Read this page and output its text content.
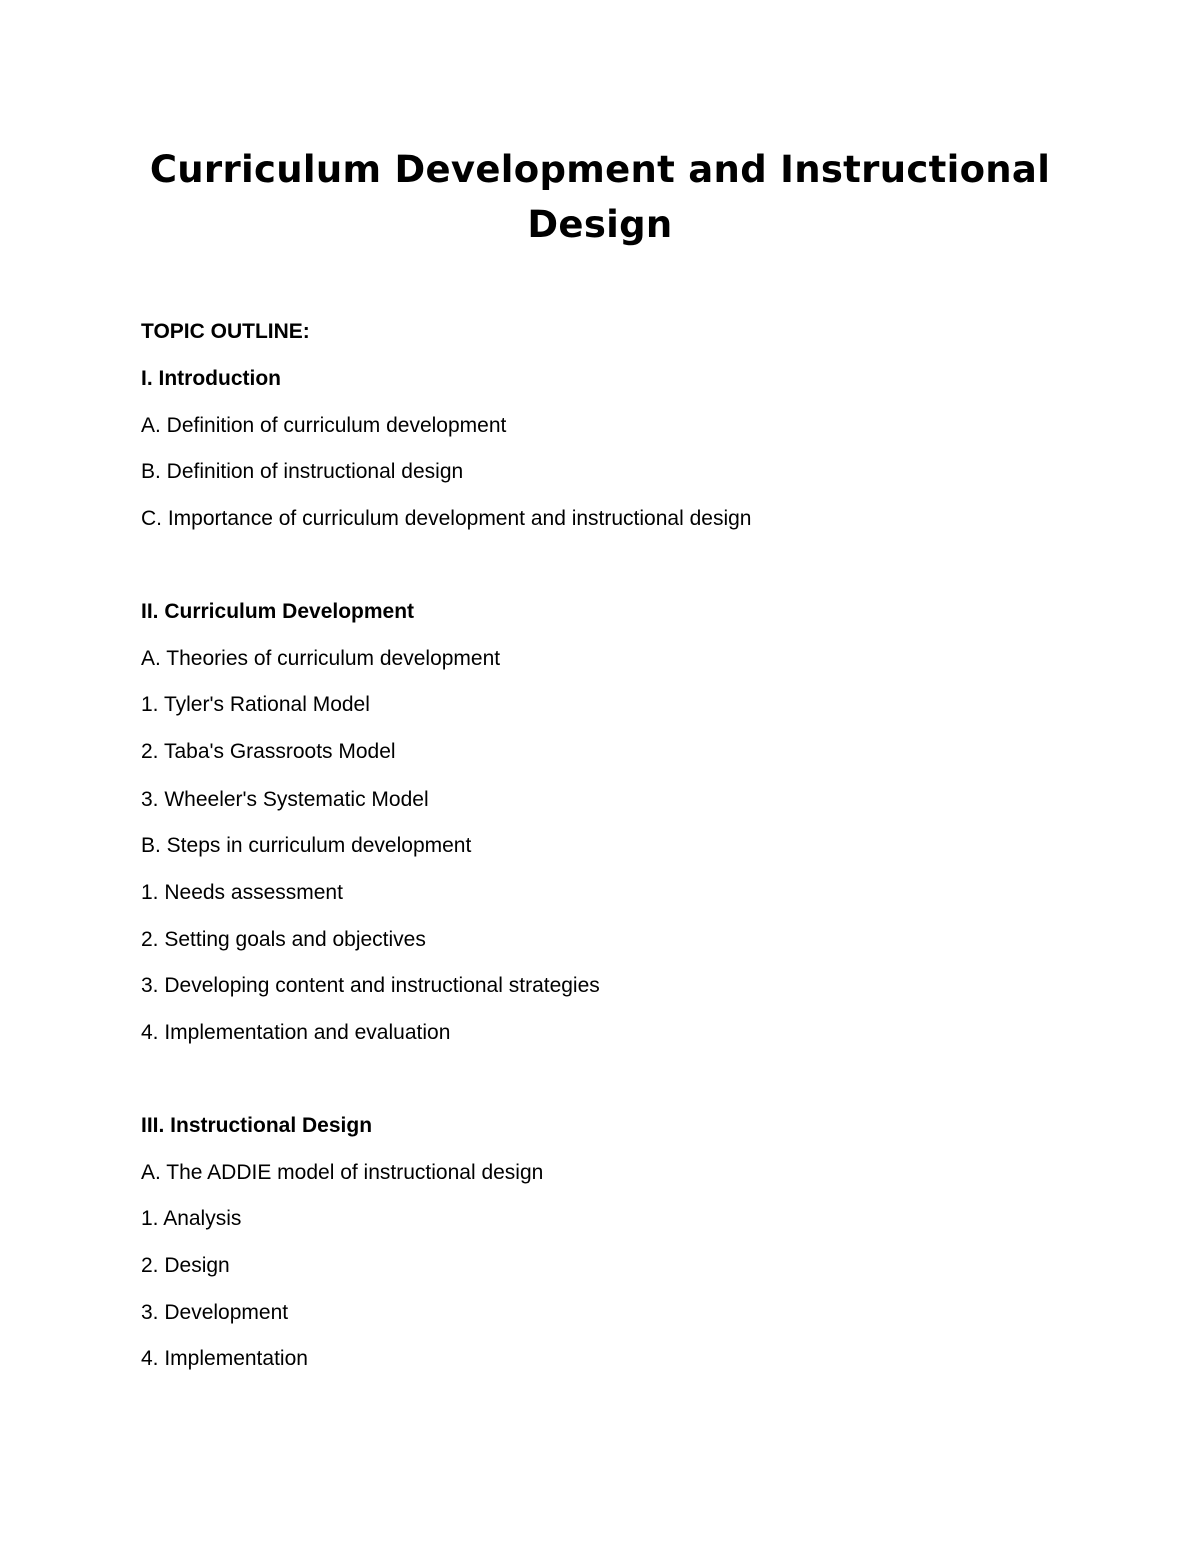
Curriculum Development and Instructional Design

TOPIC OUTLINE:

I. Introduction

A. Definition of curriculum development

B. Definition of instructional design

C. Importance of curriculum development and instructional design

II. Curriculum Development

A. Theories of curriculum development

1. Tyler's Rational Model

2. Taba's Grassroots Model

3. Wheeler's Systematic Model

B. Steps in curriculum development

1. Needs assessment

2. Setting goals and objectives

3. Developing content and instructional strategies

4. Implementation and evaluation

III. Instructional Design

A. The ADDIE model of instructional design

1. Analysis

2. Design

3. Development

4. Implementation
